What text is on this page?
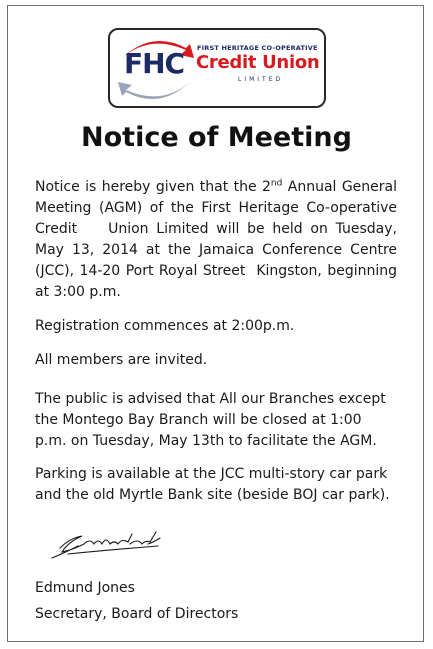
FHC FIRST HERITAGE CO-OPERATIVE
Credit Union
LIMITED
Notice of Meeting
Notice is hereby given that the 2nd Annual General Meeting (AGM) of the First Heritage Co-operative Credit    Union Limited will be held on Tuesday, May 13, 2014 at the Jamaica Conference Centre (JCC), 14-20 Port Royal Street  Kingston, beginning at 3:00 p.m.
Registration commences at 2:00p.m.
All members are invited.
The public is advised that All our Branches except the Montego Bay Branch will be closed at 1:00 p.m. on Tuesday, May 13th to facilitate the AGM.
Parking is available at the JCC multi-story car park and the old Myrtle Bank site (beside BOJ car park).
Edmund Jones
Secretary, Board of Directors
